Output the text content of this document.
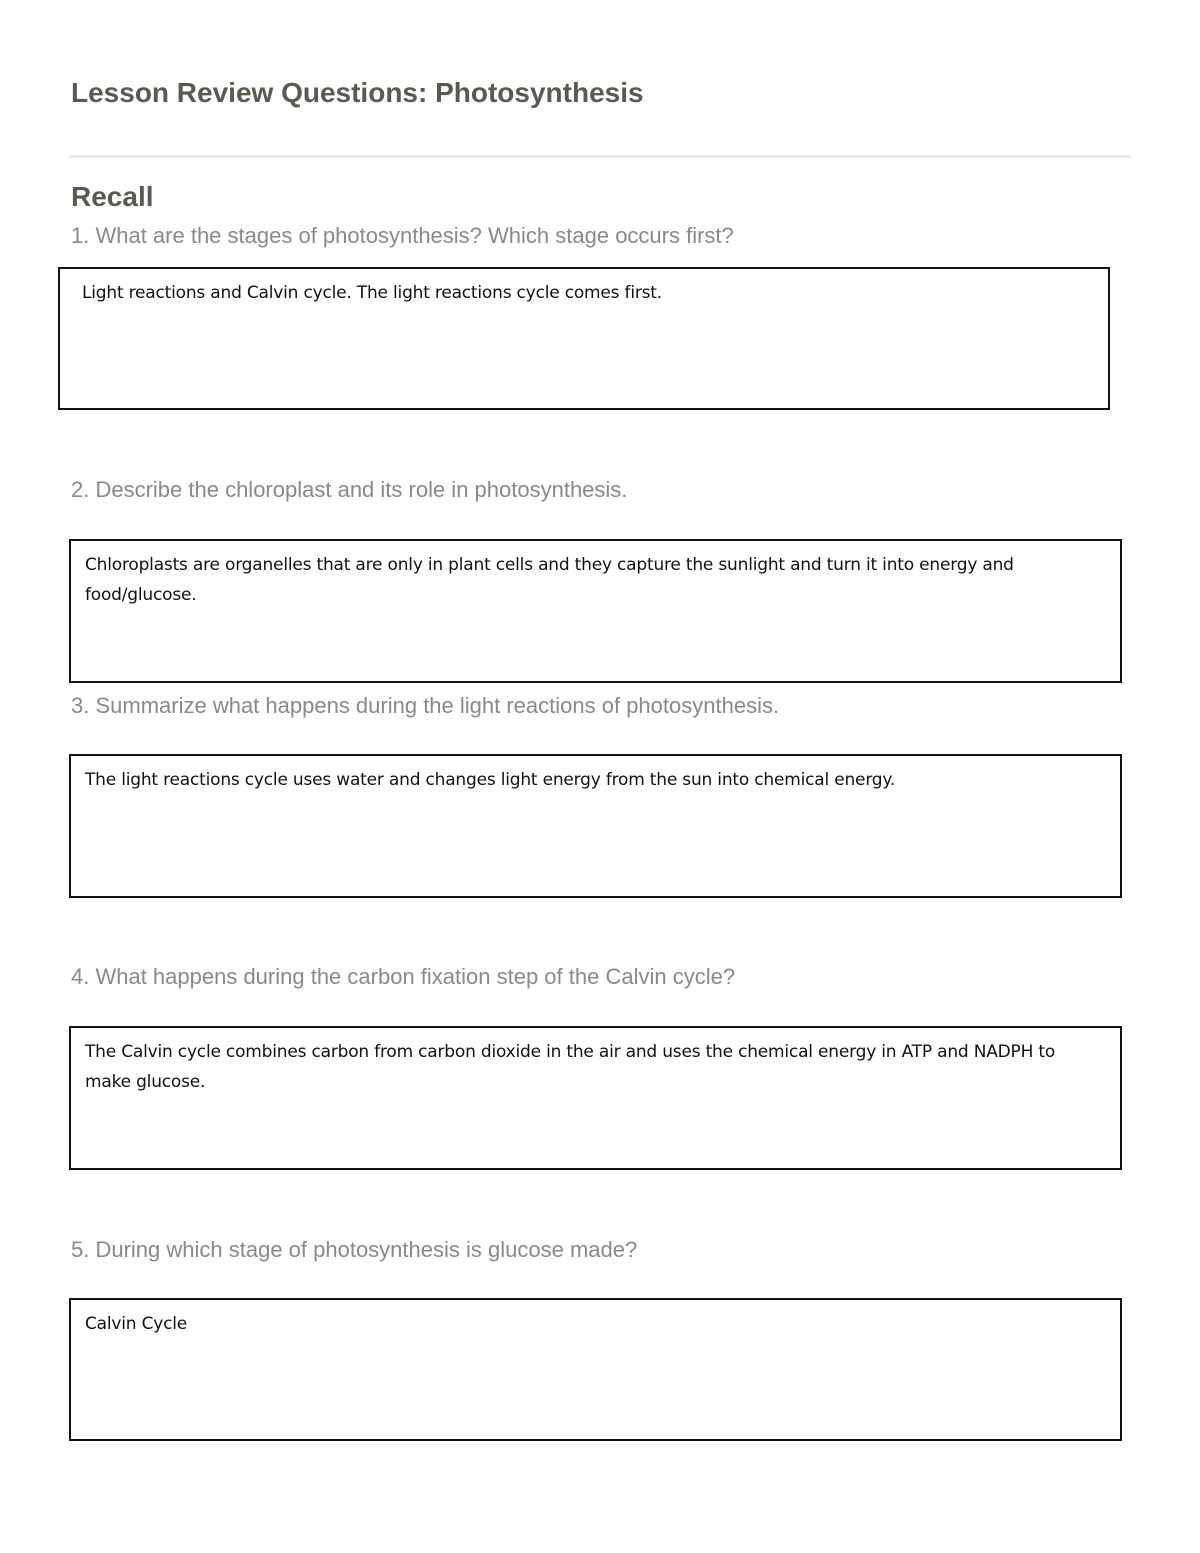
Lesson Review Questions: Photosynthesis
Recall

1. What are the stages of photosynthesis? Which stage occurs first?

Light reactions and Calvin cycle. The light reactions cycle comes first.

2. Describe the chloroplast and its role in photosynthesis.

Chloroplasts are organelles that are only in plant cells and they capture the sunlight and turn it into energy and food/glucose.

3. Summarize what happens during the light reactions of photosynthesis.

The light reactions cycle uses water and changes light energy from the sun into chemical energy.

4. What happens during the carbon fixation step of the Calvin cycle?

The Calvin cycle combines carbon from carbon dioxide in the air and uses the chemical energy in ATP and NADPH to make glucose.

5. During which stage of photosynthesis is glucose made?

Calvin Cycle
